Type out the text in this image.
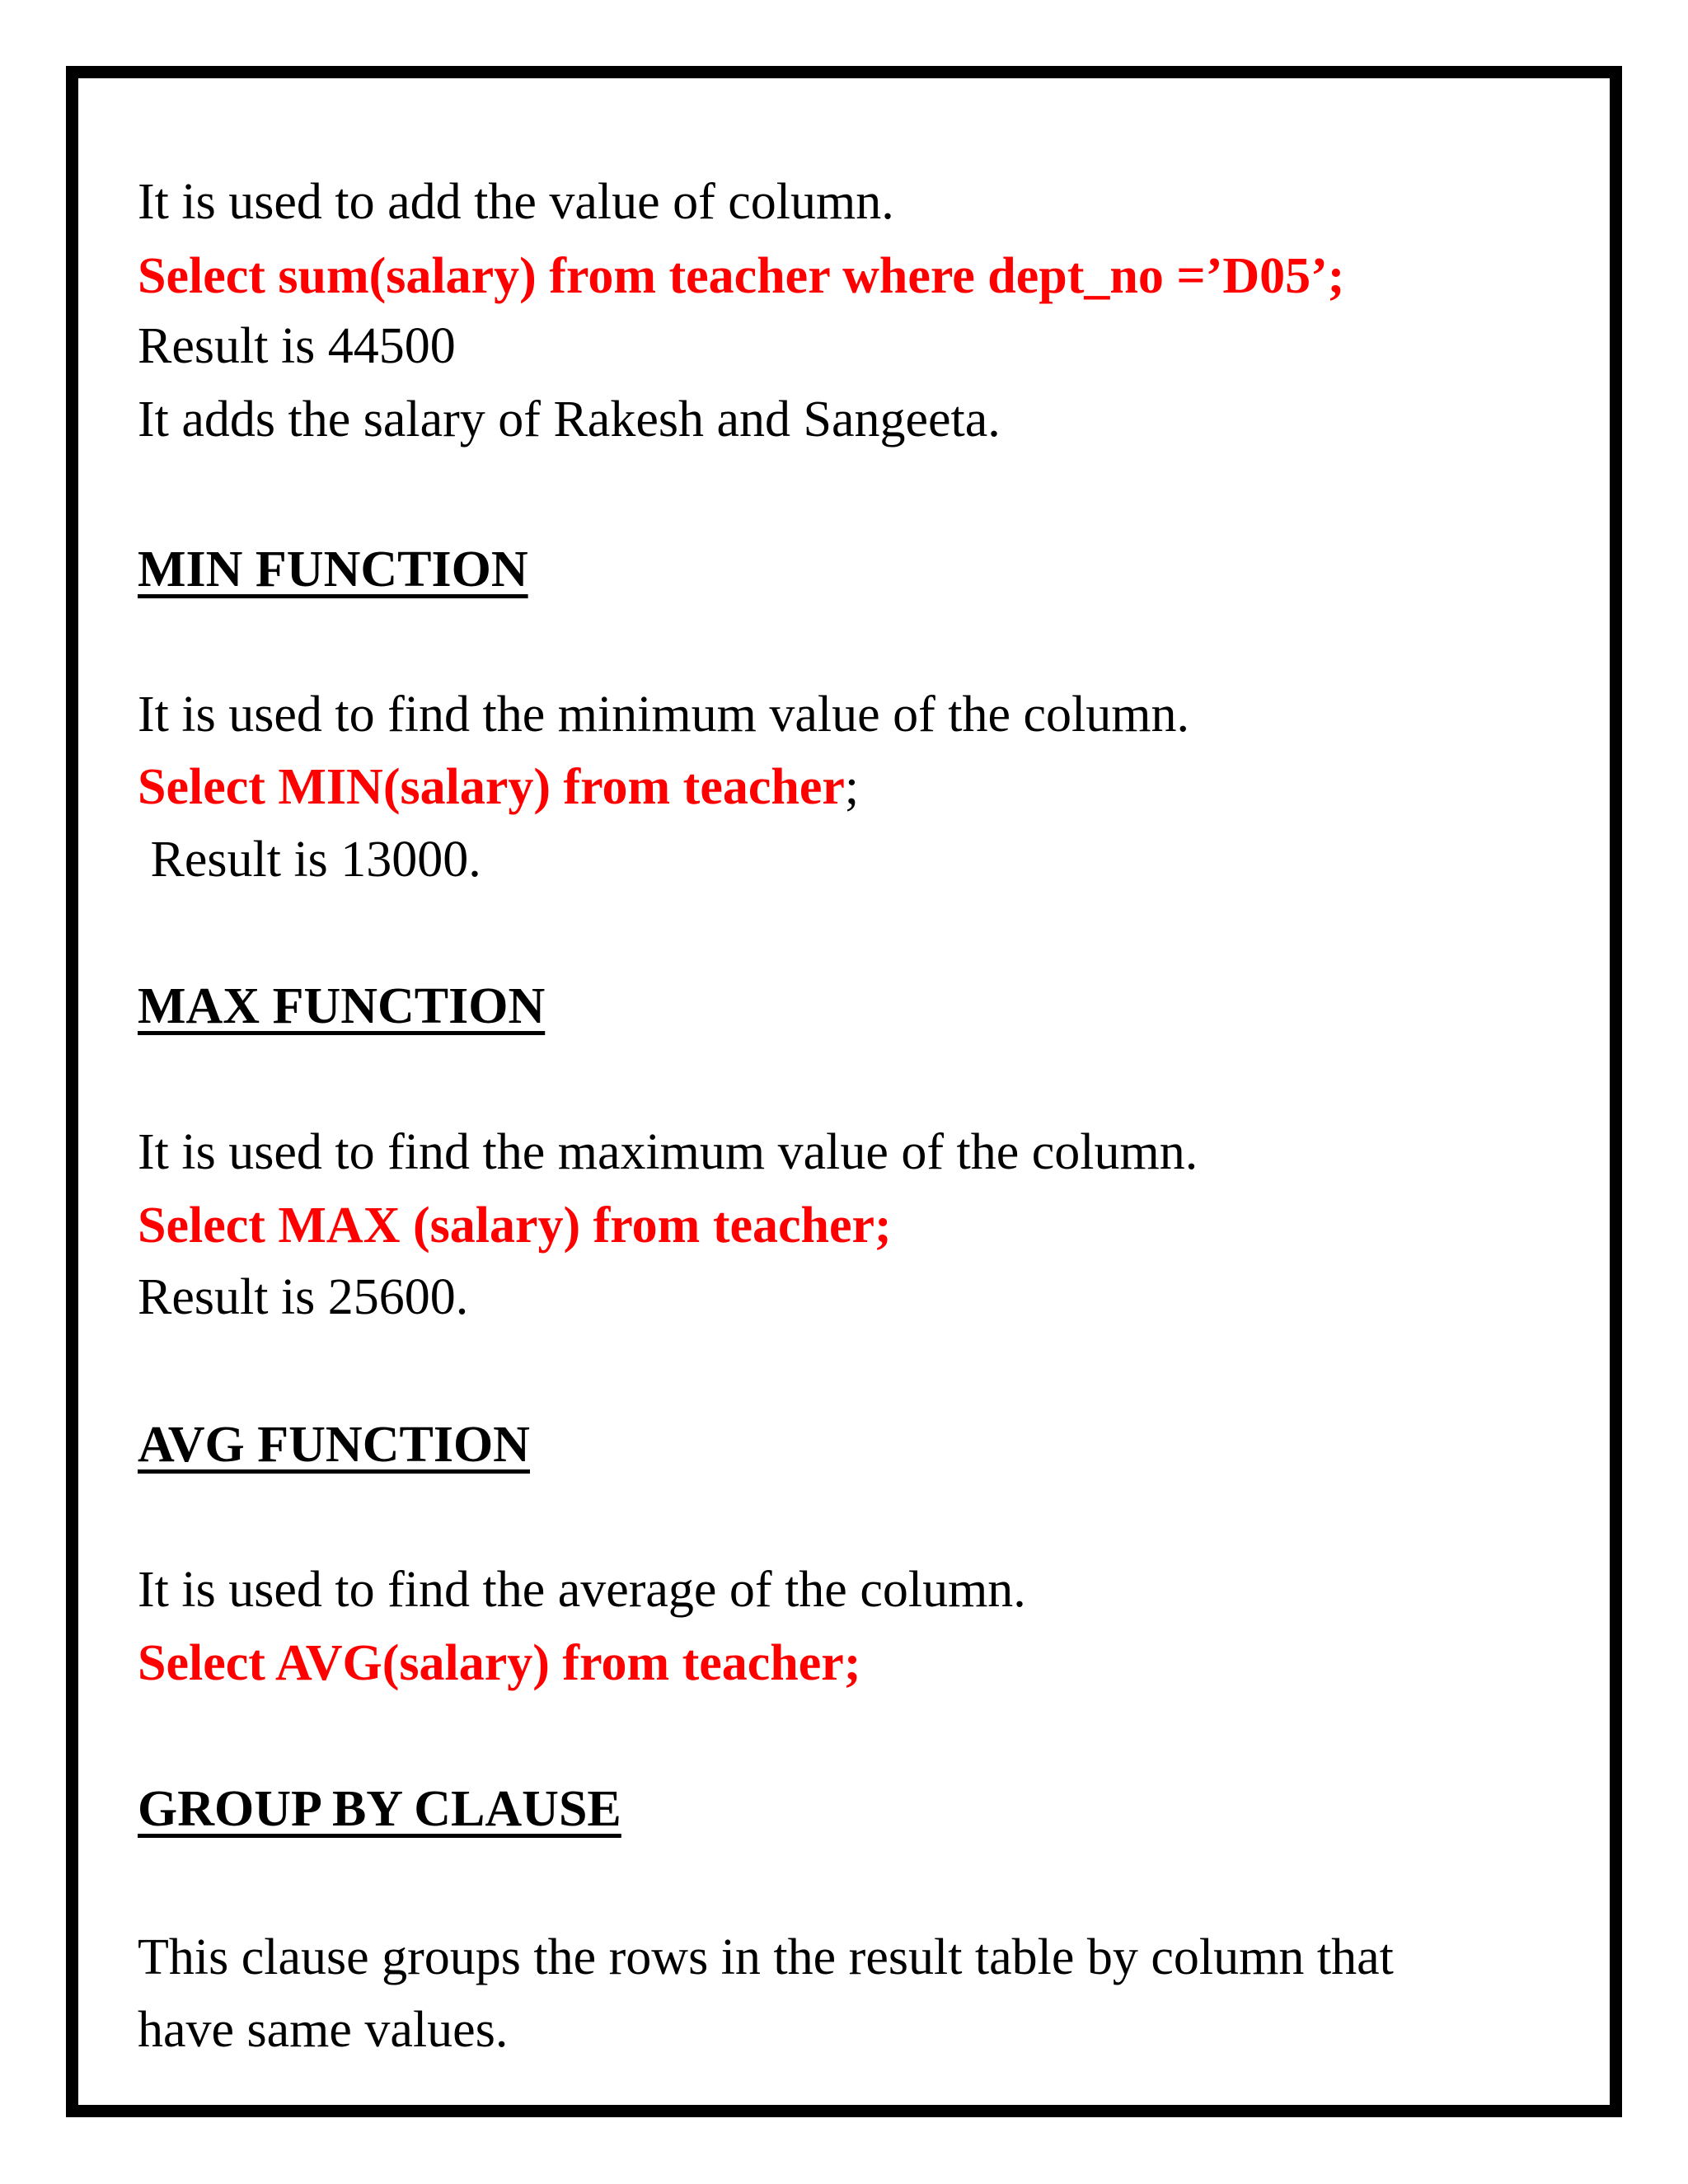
It is used to add the value of column.
Select sum(salary) from teacher where dept_no =’D05’;
Result is 44500
It adds the salary of Rakesh and Sangeeta.
MIN FUNCTION
It is used to find the minimum value of the column.
Select MIN(salary) from teacher;
Result is 13000.
MAX FUNCTION
It is used to find the maximum value of the column.
Select MAX (salary) from teacher;
Result is 25600.
AVG FUNCTION
It is used to find the average of the column.
Select AVG(salary) from teacher;
GROUP BY CLAUSE
This clause groups the rows in the result table by column that
have same values.
